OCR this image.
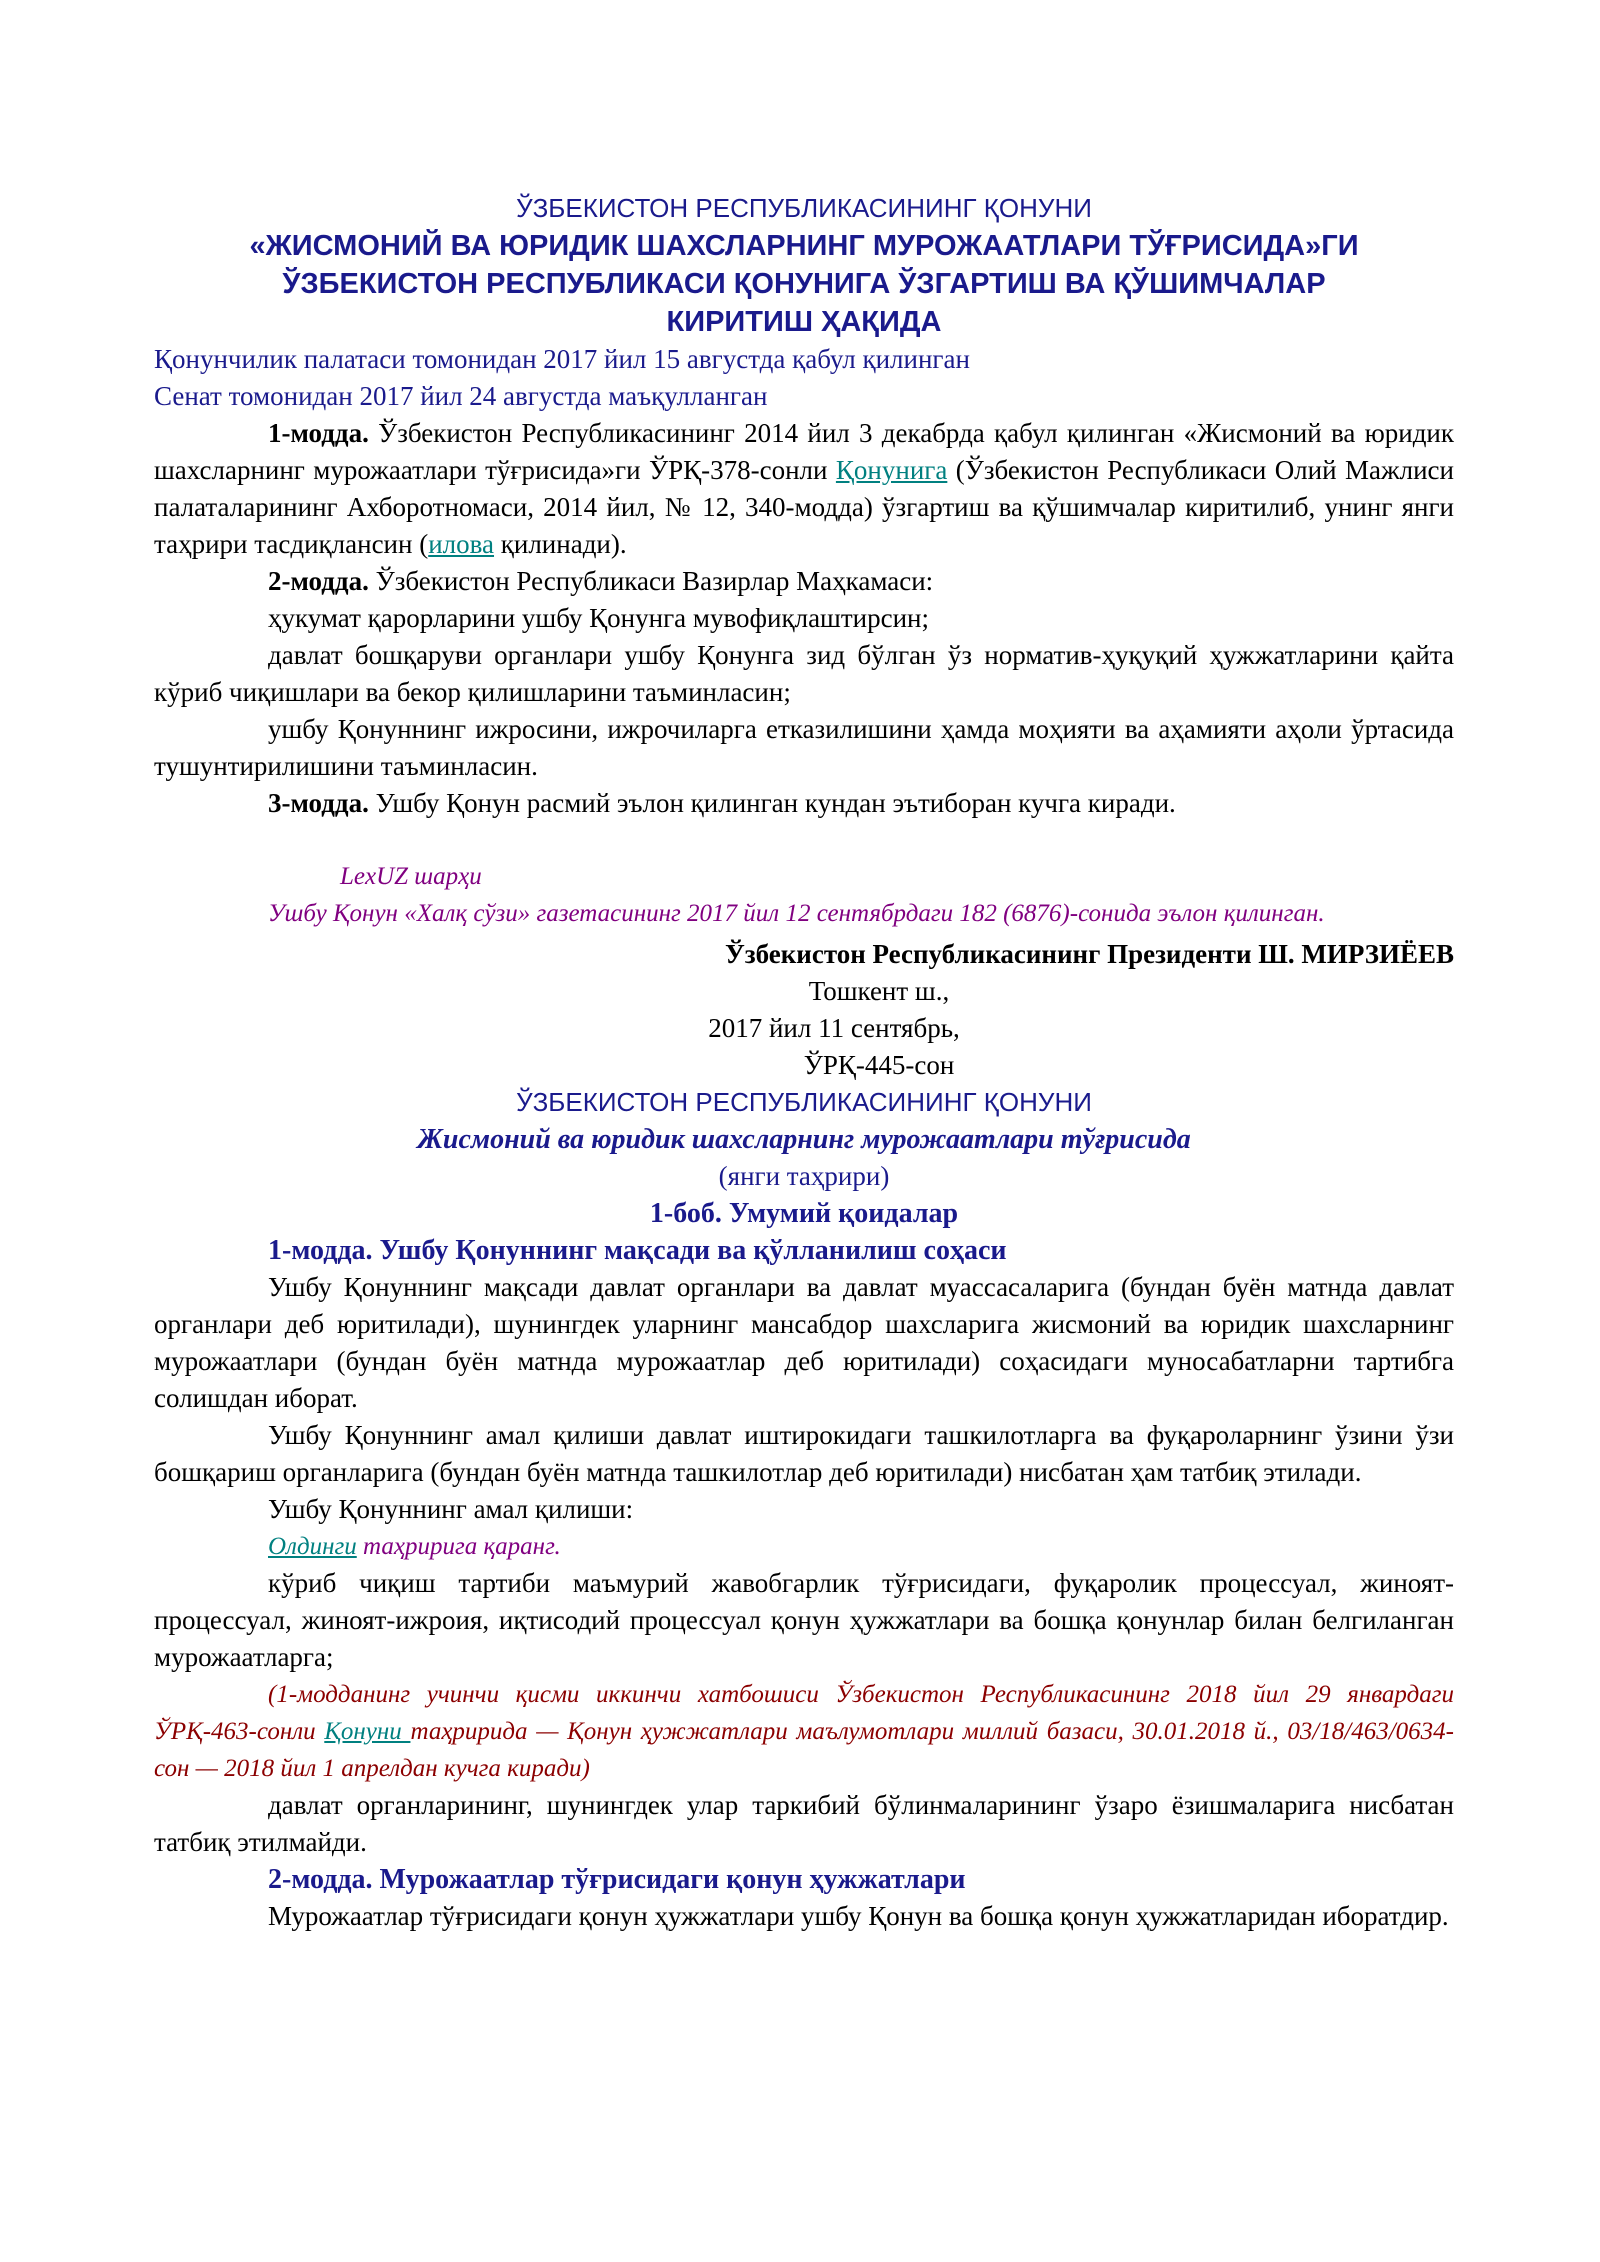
ЎЗБЕКИСТОН РЕСПУБЛИКАСИНИНГ ҚОНУНИ
«ЖИСМОНИЙ ВА ЮРИДИК ШАХСЛАРНИНГ МУРОЖААТЛАРИ ТЎҒРИСИДА»ГИ
ЎЗБЕКИСТОН РЕСПУБЛИКАСИ ҚОНУНИГА ЎЗГАРТИШ ВА ҚЎШИМЧАЛАР
КИРИТИШ ҲАҚИДА
Қонунчилик палатаси томонидан 2017 йил 15 августда қабул қилинган
Сенат томонидан 2017 йил 24 августда маъқулланган

1-модда. Ўзбекистон Республикасининг 2014 йил 3 декабрда қабул қилинган «Жисмоний ва юридик шахсларнинг мурожаатлари тўғрисида»ги ЎРҚ-378-сонли Қонунига (Ўзбекистон Республикаси Олий Мажлиси палаталарининг Ахборотномаси, 2014 йил, № 12, 340-модда) ўзгартиш ва қўшимчалар киритилиб, унинг янги таҳрири тасдиқлансин (илова қилинади).

2-модда. Ўзбекистон Республикаси Вазирлар Маҳкамаси:

ҳукумат қарорларини ушбу Қонунга мувофиқлаштирсин;

давлат бошқаруви органлари ушбу Қонунга зид бўлган ўз норматив-ҳуқуқий ҳужжатларини қайта кўриб чиқишлари ва бекор қилишларини таъминласин;

ушбу Қонуннинг ижросини, ижрочиларга етказилишини ҳамда моҳияти ва аҳамияти аҳоли ўртасида тушунтирилишини таъминласин.

3-модда. Ушбу Қонун расмий эълон қилинган кундан эътиборан кучга киради.

LexUZ шарҳи

Ушбу Қонун «Халқ сўзи» газетасининг 2017 йил 12 сентябрдаги 182 (6876)-сонида эълон қилинган.

Ўзбекистон Республикасининг Президенти Ш. МИРЗИЁЕВ
Тошкент ш.,
2017 йил 11 сентябрь,
ЎРҚ-445-сон
ЎЗБЕКИСТОН РЕСПУБЛИКАСИНИНГ ҚОНУНИ
Жисмоний ва юридик шахсларнинг мурожаатлари тўғрисида
(янги таҳрири)
1-боб. Умумий қоидалар

1-модда. Ушбу Қонуннинг мақсади ва қўлланилиш соҳаси

Ушбу Қонуннинг мақсади давлат органлари ва давлат муассасаларига (бундан буён матнда давлат органлари деб юритилади), шунингдек уларнинг мансабдор шахсларига жисмоний ва юридик шахсларнинг мурожаатлари (бундан буён матнда мурожаатлар деб юритилади) соҳасидаги муносабатларни тартибга солишдан иборат.

Ушбу Қонуннинг амал қилиши давлат иштирокидаги ташкилотларга ва фуқароларнинг ўзини ўзи бошқариш органларига (бундан буён матнда ташкилотлар деб юритилади) нисбатан ҳам татбиқ этилади.

Ушбу Қонуннинг амал қилиши:

Олдинги таҳририга қаранг.

кўриб чиқиш тартиби маъмурий жавобгарлик тўғрисидаги, фуқаролик процессуал, жиноят-процессуал, жиноят-ижроия, иқтисодий процессуал қонун ҳужжатлари ва бошқа қонунлар билан белгиланган мурожаатларга;

(1-модданинг учинчи қисми иккинчи хатбошиси Ўзбекистон Республикасининг 2018 йил 29 январдаги ЎРҚ-463-сонли Қонуни таҳририда — Қонун ҳужжатлари маълумотлари миллий базаси, 30.01.2018 й., 03/18/463/0634-сон — 2018 йил 1 апрелдан кучга киради)

давлат органларининг, шунингдек улар таркибий бўлинмаларининг ўзаро ёзишмаларига нисбатан татбиқ этилмайди.

2-модда. Мурожаатлар тўғрисидаги қонун ҳужжатлари

Мурожаатлар тўғрисидаги қонун ҳужжатлари ушбу Қонун ва бошқа қонун ҳужжатларидан иборатдир.
